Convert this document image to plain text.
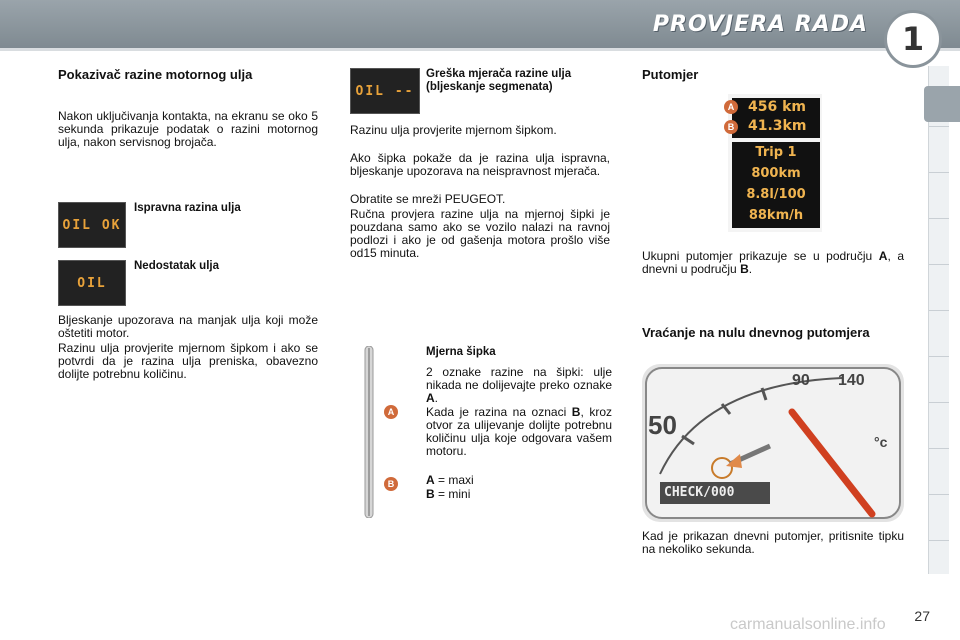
PROVJERA RADA	1
Pokazivač razine motornog ulja

Nakon uključivanja kontakta, na ekranu se oko 5 sekunda prikazuje podatak o razini motornog ulja, nakon servisnog brojača.

OIL OK
Ispravna razina ulja
OIL
Nedostatak ulja

Bljeskanje upozorava na manjak ulja koji može oštetiti motor.

Razinu ulja provjerite mjernom šipkom i ako se potvrdi da je razina ulja preniska, obavezno dolijte potrebnu količinu.

OIL --
Greška mjerača razine ulja (bljeskanje segmenata)

Razinu ulja provjerite mjernom šipkom.

Ako šipka pokaže da je razina ulja ispravna, bljeskanje upozorava na neispravnost mjerača.

Obratite se mreži PEUGEOT.

Ručna provjera razine ulja na mjernoj šipki je pouzdana samo ako se vozilo nalazi na ravnoj podlozi i ako je od gašenja motora prošlo više od15 minuta.

A
B
Mjerna šipka

2 oznake razine na šipki: ulje nikada ne dolijevajte preko oznake A.

Kada je razina na oznaci B, kroz otvor za ulijevanje dolijte potrebnu količinu ulja koje odgovara vašem motoru.

A = maxi

B = mini

Putomjer
456 km
41.3km
A
B
Trip 1
800km
8.8l/100
88km/h

Ukupni putomjer prikazuje se u području A, a dnevni u području B.

Vraćanje na nulu dnevnog putomjera
50
90 140
°c
CHECK/000

Kad je prikazan dnevni putomjer, pritisnite tipku na nekoliko sekunda.

27
carmanualsonline.info
